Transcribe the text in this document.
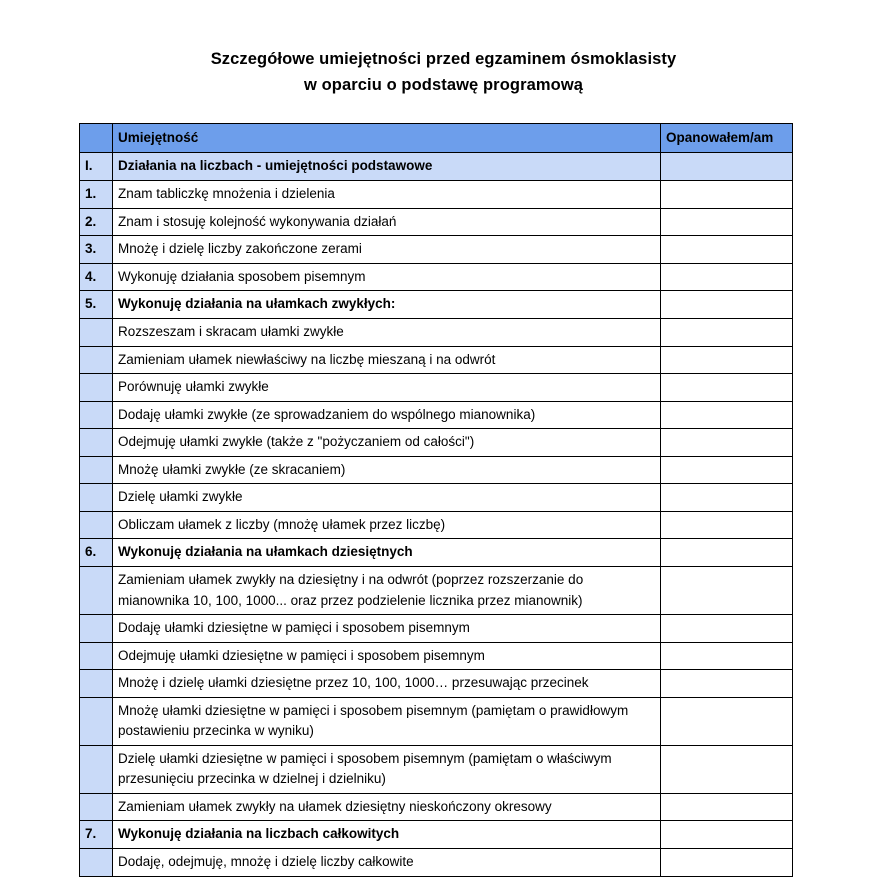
Szczegółowe umiejętności przed egzaminem ósmoklasisty
w oparciu o podstawę programową
	Umiejętność	Opanowałem/am
I.	Działania na liczbach - umiejętności podstawowe	
1.	Znam tabliczkę mnożenia i dzielenia	
2.	Znam i stosuję kolejność wykonywania działań	
3.	Mnożę i dzielę liczby zakończone zerami	
4.	Wykonuję działania sposobem pisemnym	
5.	Wykonuję działania na ułamkach zwykłych:	
	Rozszeszam i skracam ułamki zwykłe	
	Zamieniam ułamek niewłaściwy na liczbę mieszaną i na odwrót	
	Porównuję ułamki zwykłe	
	Dodaję ułamki zwykłe (ze sprowadzaniem do wspólnego mianownika)	
	Odejmuję ułamki zwykłe (także z "pożyczaniem od całości")	
	Mnożę ułamki zwykłe (ze skracaniem)	
	Dzielę ułamki zwykłe	
	Obliczam ułamek z liczby (mnożę ułamek przez liczbę)	
6.	Wykonuję działania na ułamkach dziesiętnych	
	Zamieniam ułamek zwykły na dziesiętny i na odwrót (poprzez rozszerzanie do mianownika 10, 100, 1000... oraz przez podzielenie licznika przez mianownik)	
	Dodaję ułamki dziesiętne w pamięci i sposobem pisemnym	
	Odejmuję ułamki dziesiętne w pamięci i sposobem pisemnym	
	Mnożę i dzielę ułamki dziesiętne przez 10, 100, 1000… przesuwając przecinek	
	Mnożę ułamki dziesiętne w pamięci i sposobem pisemnym (pamiętam o prawidłowym postawieniu przecinka w wyniku)	
	Dzielę ułamki dziesiętne w pamięci i sposobem pisemnym (pamiętam o właściwym przesunięciu przecinka w dzielnej i dzielniku)	
	Zamieniam ułamek zwykły na ułamek dziesiętny nieskończony okresowy	
7.	Wykonuję działania na liczbach całkowitych	
	Dodaję, odejmuję, mnożę i dzielę liczby całkowite	
